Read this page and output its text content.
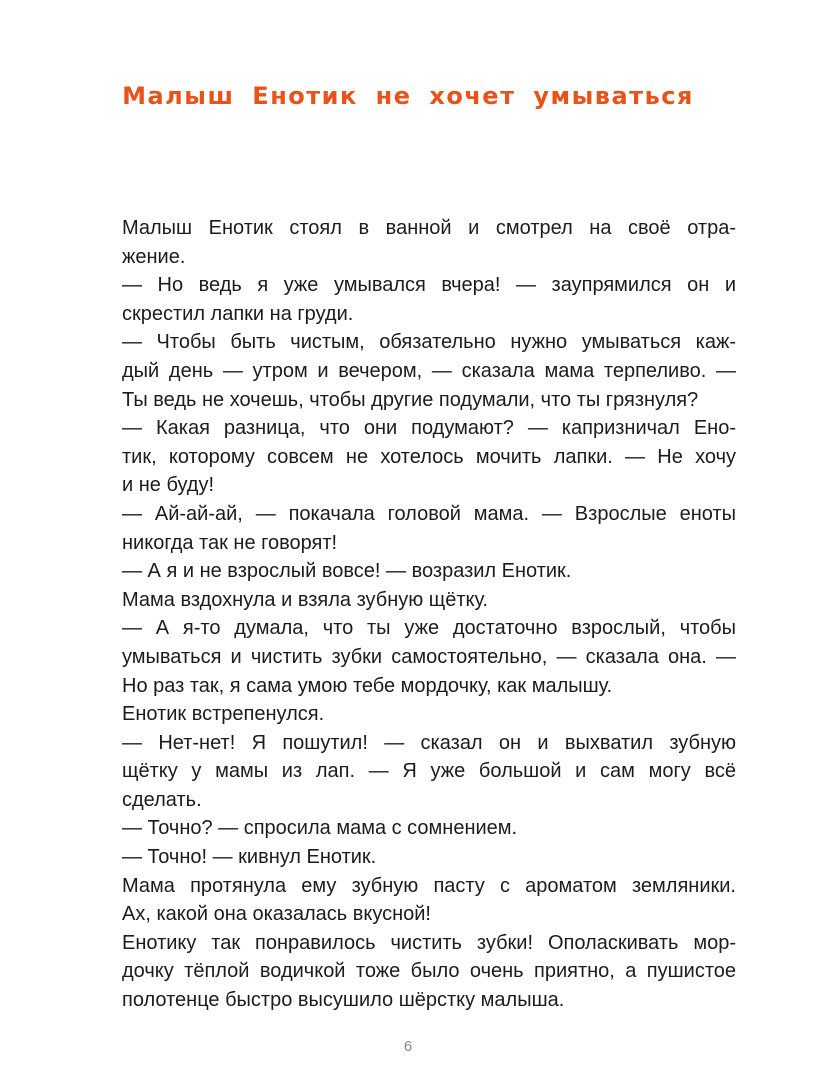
Малыш Енотик не хочет умываться

Малыш Енотик стоял в ванной и смотрел на своё отра-
жение.

— Но ведь я уже умывался вчера! — заупрямился он и
скрестил лапки на груди.

— Чтобы быть чистым, обязательно нужно умываться каж-
дый день — утром и вечером, — сказала мама терпеливо. —
Ты ведь не хочешь, чтобы другие подумали, что ты грязнуля?

— Какая разница, что они подумают? — капризничал Ено-
тик, которому совсем не хотелось мочить лапки. — Не хочу
и не буду!

— Ай-ай-ай, — покачала головой мама. — Взрослые еноты
никогда так не говорят!

— А я и не взрослый вовсе! — возразил Енотик.

Мама вздохнула и взяла зубную щётку.

— А я-то думала, что ты уже достаточно взрослый, чтобы
умываться и чистить зубки самостоятельно, — сказала она. —
Но раз так, я сама умою тебе мордочку, как малышу.

Енотик встрепенулся.

— Нет-нет! Я пошутил! — сказал он и выхватил зубную
щётку у мамы из лап. — Я уже большой и сам могу всё
сделать.

— Точно? — спросила мама с сомнением.

— Точно! — кивнул Енотик.

Мама протянула ему зубную пасту с ароматом земляники.
Ах, какой она оказалась вкусной!

Енотику так понравилось чистить зубки! Ополаскивать мор-
дочку тёплой водичкой тоже было очень приятно, а пушистое
полотенце быстро высушило шёрстку малыша.

6
